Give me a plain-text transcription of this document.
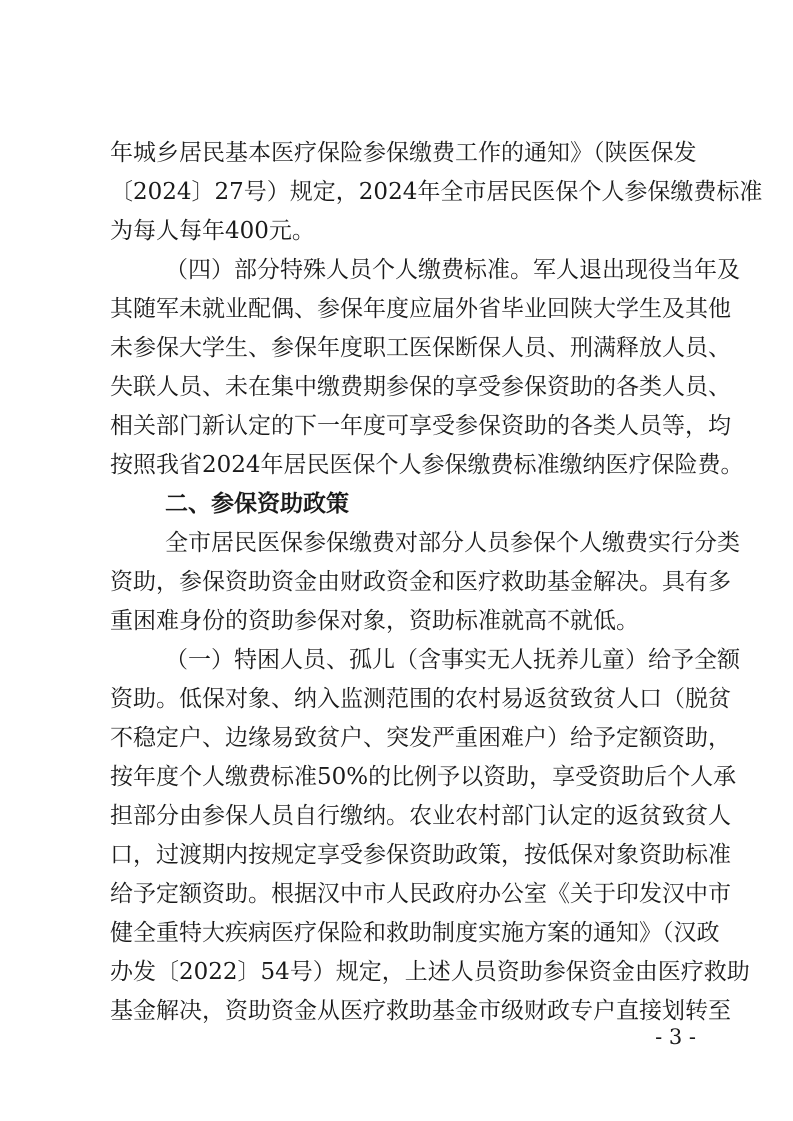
年城乡居民基本医疗保险参保缴费工作的通知》（陕医保发
〔2024〕27号）规定，2024年全市居民医保个人参保缴费标准
为每人每年400元。
（四）部分特殊人员个人缴费标准。军人退出现役当年及
其随军未就业配偶、参保年度应届外省毕业回陕大学生及其他
未参保大学生、参保年度职工医保断保人员、刑满释放人员、
失联人员、未在集中缴费期参保的享受参保资助的各类人员、
相关部门新认定的下一年度可享受参保资助的各类人员等，均
按照我省2024年居民医保个人参保缴费标准缴纳医疗保险费。
二、参保资助政策
全市居民医保参保缴费对部分人员参保个人缴费实行分类
资助，参保资助资金由财政资金和医疗救助基金解决。具有多
重困难身份的资助参保对象，资助标准就高不就低。
（一）特困人员、孤儿（含事实无人抚养儿童）给予全额
资助。低保对象、纳入监测范围的农村易返贫致贫人口（脱贫
不稳定户、边缘易致贫户、突发严重困难户）给予定额资助，
按年度个人缴费标准50%的比例予以资助，享受资助后个人承
担部分由参保人员自行缴纳。农业农村部门认定的返贫致贫人
口，过渡期内按规定享受参保资助政策，按低保对象资助标准
给予定额资助。根据汉中市人民政府办公室《关于印发汉中市
健全重特大疾病医疗保险和救助制度实施方案的通知》（汉政
办发〔2022〕54号）规定，上述人员资助参保资金由医疗救助
基金解决，资助资金从医疗救助基金市级财政专户直接划转至
- 3 -
